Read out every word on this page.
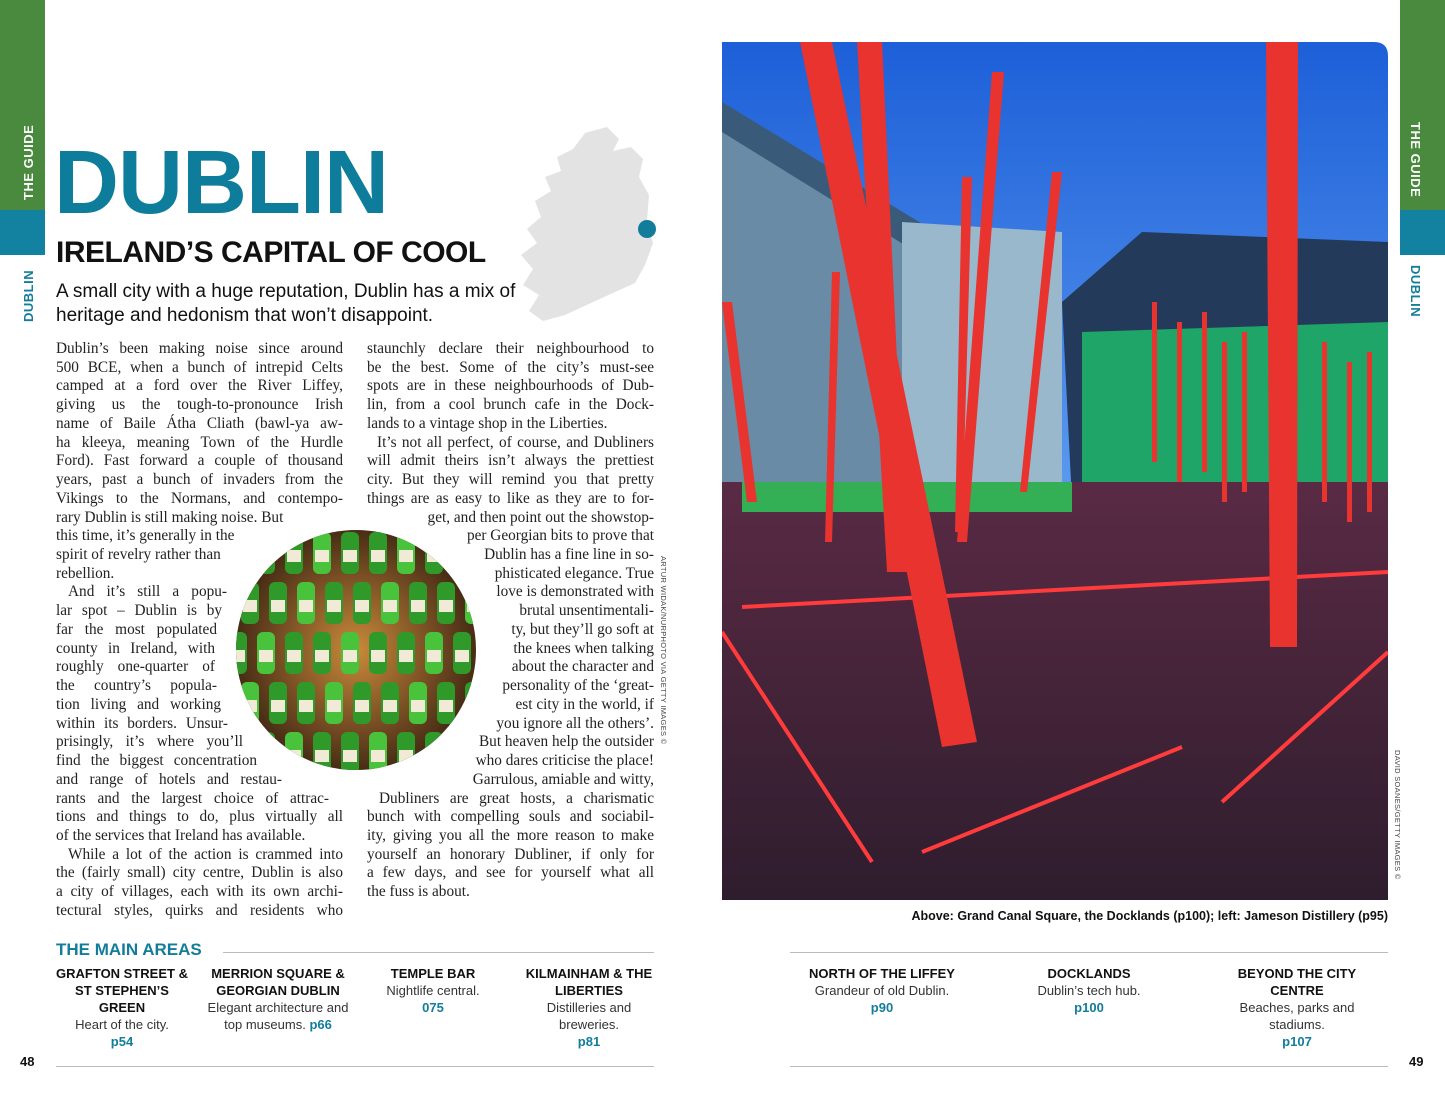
THE GUIDE
DUBLIN
THE GUIDE
DUBLIN
DUBLIN
IRELAND’S CAPITAL OF COOL
A small city with a huge reputation, Dublin has a mix of heritage and hedonism that won’t disappoint.
Dublin’s been making noise since around
500 BCE, when a bunch of intrepid Celts
camped at a ford over the River Liffey,
giving us the tough-to-pronounce Irish
name of Baile Átha Cliath (bawl-ya aw-
ha kleeya, meaning Town of the Hurdle
Ford). Fast forward a couple of thousand
years, past a bunch of invaders from the
Vikings to the Normans, and contempo-
rary Dublin is still making noise. But
this time, it’s generally in the
spirit of revelry rather than
rebellion.
And it’s still a popu-
lar spot – Dublin is by
far the most populated
county in Ireland, with
roughly one-quarter of
the country’s popula-
tion living and working
within its borders. Unsur-
prisingly, it’s where you’ll
find the biggest concentration
and range of hotels and restau-
rants and the largest choice of attrac-
tions and things to do, plus virtually all
of the services that Ireland has available.
While a lot of the action is crammed into
the (fairly small) city centre, Dublin is also
a city of villages, each with its own archi-
tectural styles, quirks and residents who
staunchly declare their neighbourhood to
be the best. Some of the city’s must-see
spots are in these neighbourhoods of Dub-
lin, from a cool brunch cafe in the Dock-
lands to a vintage shop in the Liberties.
It’s not all perfect, of course, and Dubliners
will admit theirs isn’t always the prettiest
city. But they will remind you that pretty
things are as easy to like as they are to for-
get, and then point out the showstop-
per Georgian bits to prove that
Dublin has a fine line in so-
phisticated elegance. True
love is demonstrated with
brutal unsentimentali-
ty, but they’ll go soft at
the knees when talking
about the character and
personality of the ‘great-
est city in the world, if
you ignore all the others’.
But heaven help the outsider
who dares criticise the place!
Garrulous, amiable and witty,
Dubliners are great hosts, a charismatic
bunch with compelling souls and sociabil-
ity, giving you all the more reason to make
yourself an honorary Dubliner, if only for
a few days, and see for yourself what all
the fuss is about.
ARTUR WIDAK/NURPHOTO VIA GETTY IMAGES ©
DAVID SOANES/GETTY IMAGES ©
Above: Grand Canal Square, the Docklands (p100); left: Jameson Distillery (p95)
THE MAIN AREAS
GRAFTON STREET & ST STEPHEN’S GREEN
Heart of the city.
p54
MERRION SQUARE & GEORGIAN DUBLIN
Elegant architecture and top museums. p66
TEMPLE BAR
Nightlife central.
075
KILMAINHAM & THE LIBERTIES
Distilleries and breweries.
p81
NORTH OF THE LIFFEY
Grandeur of old Dublin.
p90
DOCKLANDS
Dublin’s tech hub.
p100
BEYOND THE CITY CENTRE
Beaches, parks and stadiums.
p107
48	49
